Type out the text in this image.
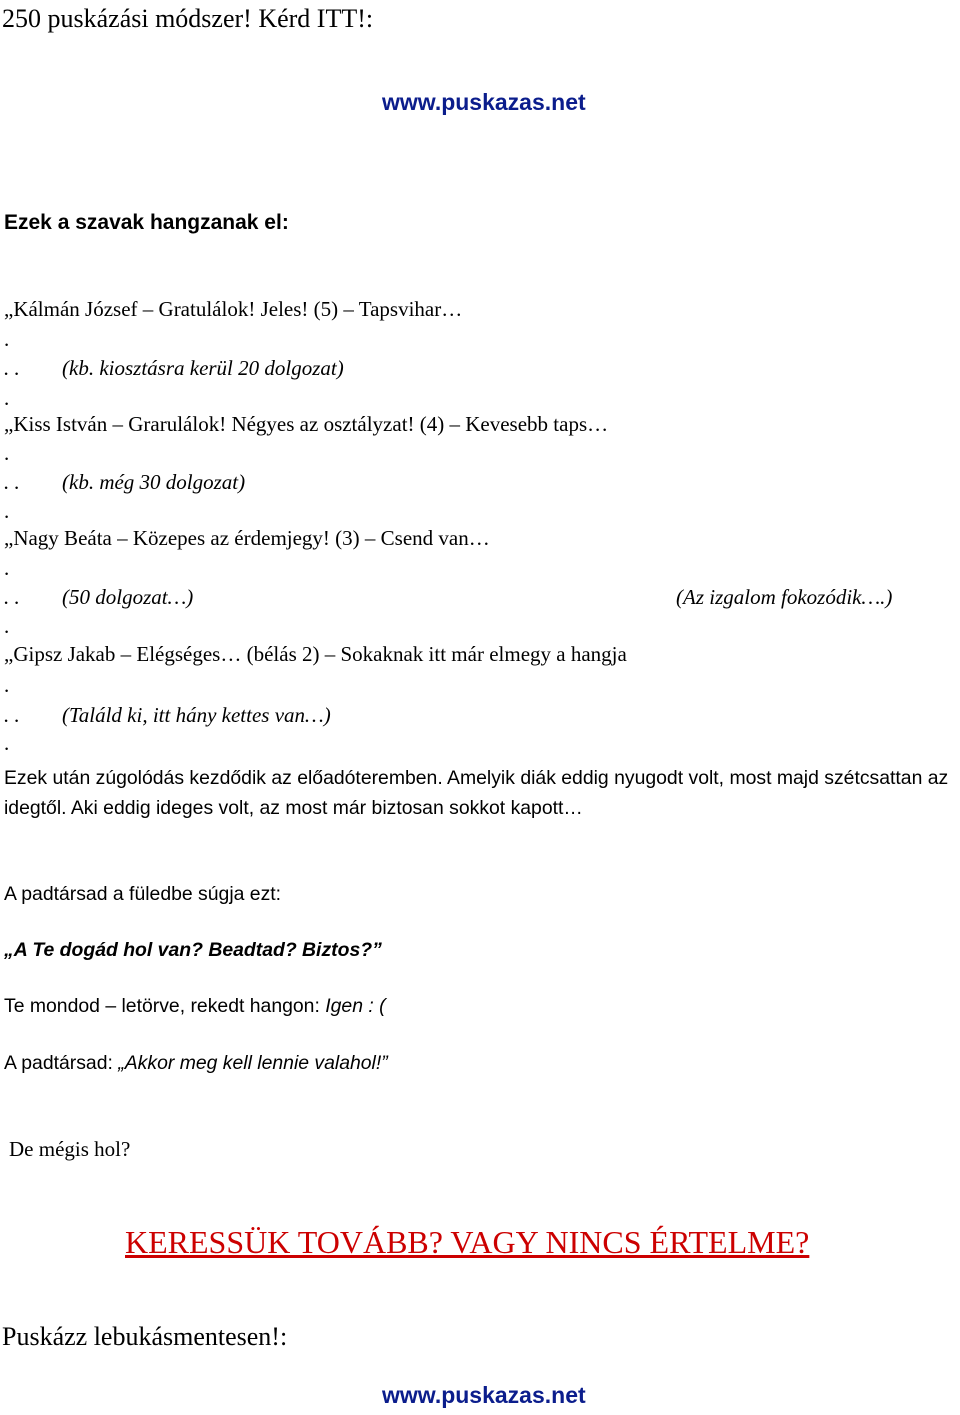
250 puskázási módszer! Kérd ITT!:
www.puskazas.net
Ezek a szavak hangzanak el:
„Kálmán József – Gratulálok! Jeles! (5) – Tapsvihar…
.
. . (kb. kiosztásra kerül 20 dolgozat)
.
„Kiss István – Grarulálok! Négyes az osztályzat! (4) – Kevesebb taps…
.
. . (kb. még 30 dolgozat)
.
„Nagy Beáta – Közepes az érdemjegy! (3) – Csend van…
.
. . (50 dolgozat…)	(Az izgalom fokozódik….)
.
„Gipsz Jakab – Elégséges… (bélás 2) – Sokaknak itt már elmegy a hangja
.
. . (Találd ki, itt hány kettes van…)
.
Ezek után zúgolódás kezdődik az előadóteremben. Amelyik diák eddig nyugodt volt, most majd szétcsattan az idegtől. Aki eddig ideges volt, az most már biztosan sokkot kapott…
A padtársad a füledbe súgja ezt:
„A Te dogád hol van? Beadtad? Biztos?”
Te mondod – letörve, rekedt hangon: Igen : (
A padtársad: „Akkor meg kell lennie valahol!”
De mégis hol?
KERESSÜK TOVÁBB? VAGY NINCS ÉRTELME?
Puskázz lebukásmentesen!:
www.puskazas.net
